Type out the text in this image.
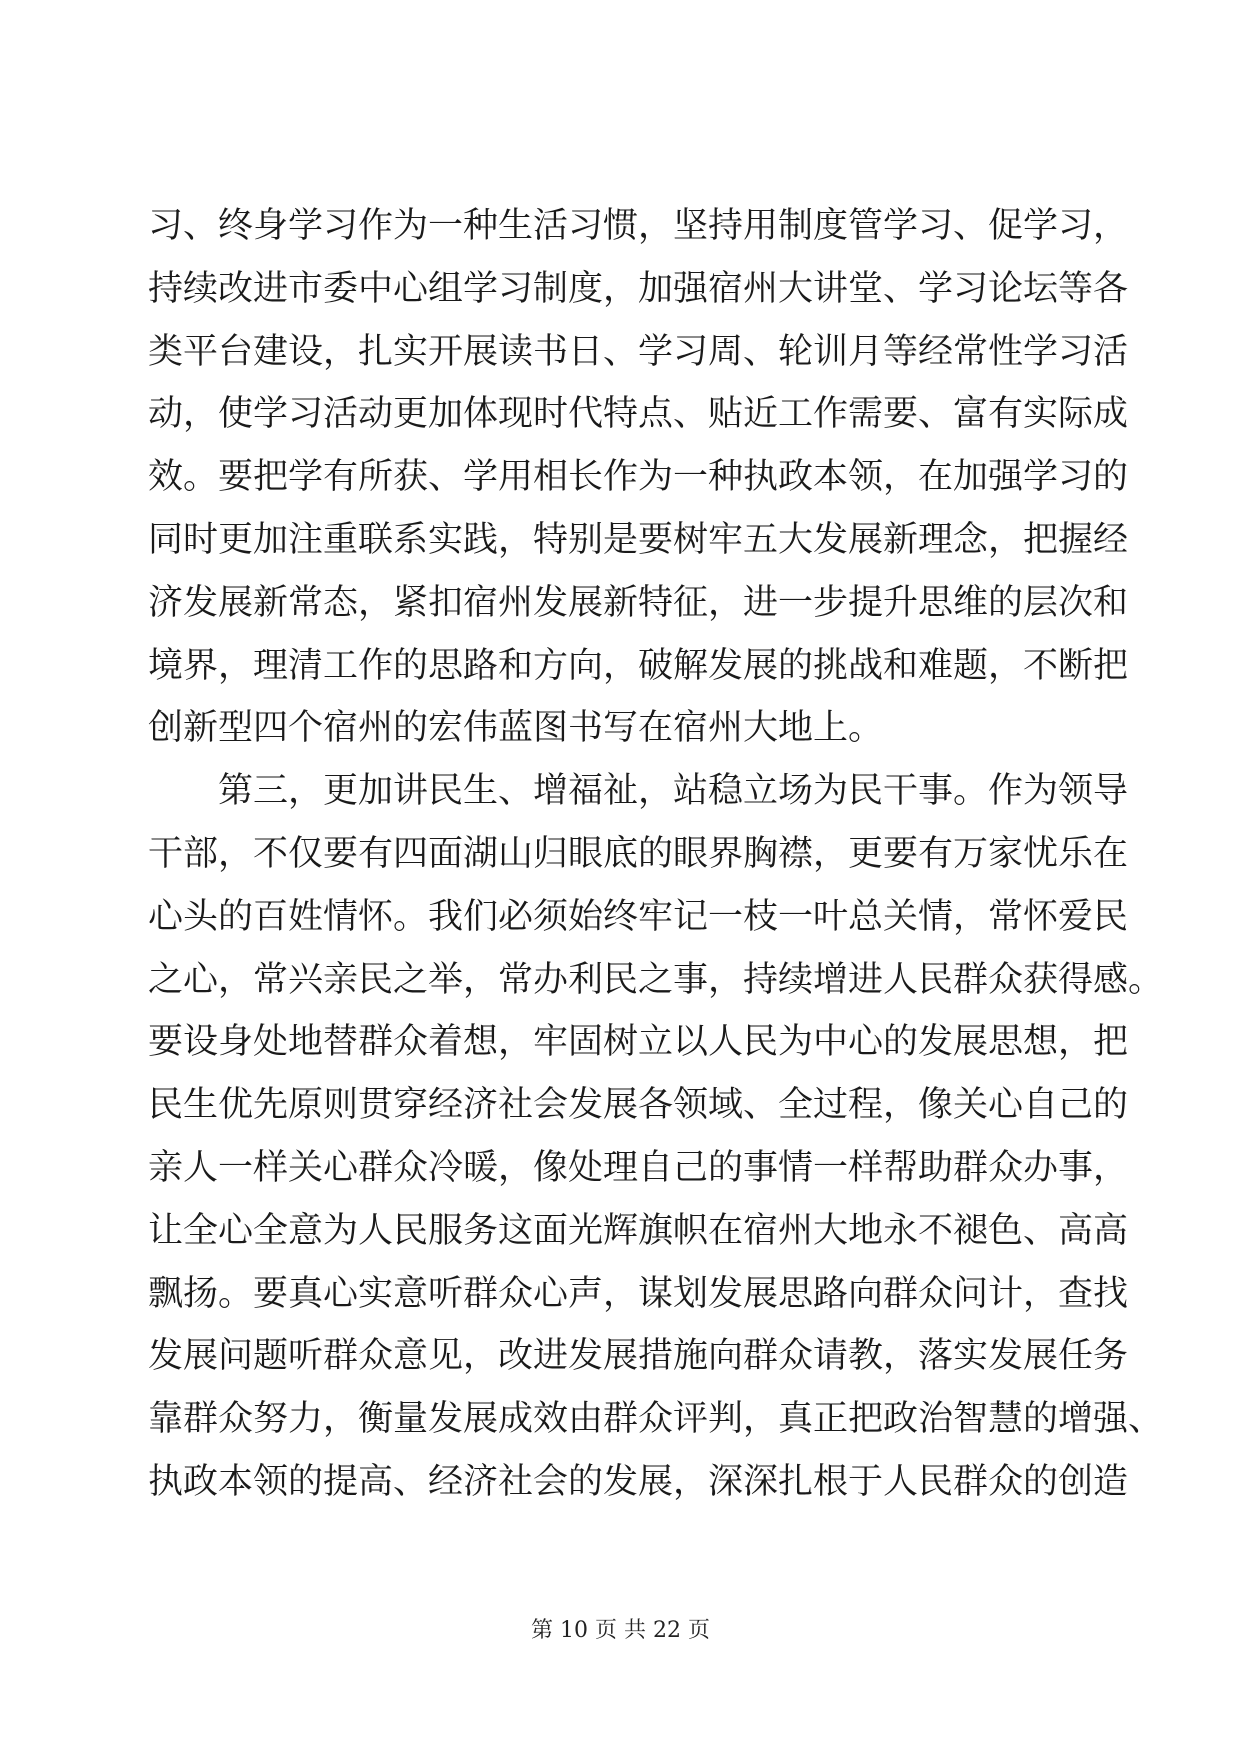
习、终身学习作为一种生活习惯，坚持用制度管学习、促学习，
持续改进市委中心组学习制度，加强宿州大讲堂、学习论坛等各
类平台建设，扎实开展读书日、学习周、轮训月等经常性学习活
动，使学习活动更加体现时代特点、贴近工作需要、富有实际成
效。要把学有所获、学用相长作为一种执政本领，在加强学习的
同时更加注重联系实践，特别是要树牢五大发展新理念，把握经
济发展新常态，紧扣宿州发展新特征，进一步提升思维的层次和
境界，理清工作的思路和方向，破解发展的挑战和难题，不断把
创新型四个宿州的宏伟蓝图书写在宿州大地上。
第三，更加讲民生、增福祉，站稳立场为民干事。作为领导
干部，不仅要有四面湖山归眼底的眼界胸襟，更要有万家忧乐在
心头的百姓情怀。我们必须始终牢记一枝一叶总关情，常怀爱民
之心，常兴亲民之举，常办利民之事，持续增进人民群众获得感。
要设身处地替群众着想，牢固树立以人民为中心的发展思想，把
民生优先原则贯穿经济社会发展各领域、全过程，像关心自己的
亲人一样关心群众冷暖，像处理自己的事情一样帮助群众办事，
让全心全意为人民服务这面光辉旗帜在宿州大地永不褪色、高高
飘扬。要真心实意听群众心声，谋划发展思路向群众问计，查找
发展问题听群众意见，改进发展措施向群众请教，落实发展任务
靠群众努力，衡量发展成效由群众评判，真正把政治智慧的增强、
执政本领的提高、经济社会的发展，深深扎根于人民群众的创造
第 10 页 共 22 页
